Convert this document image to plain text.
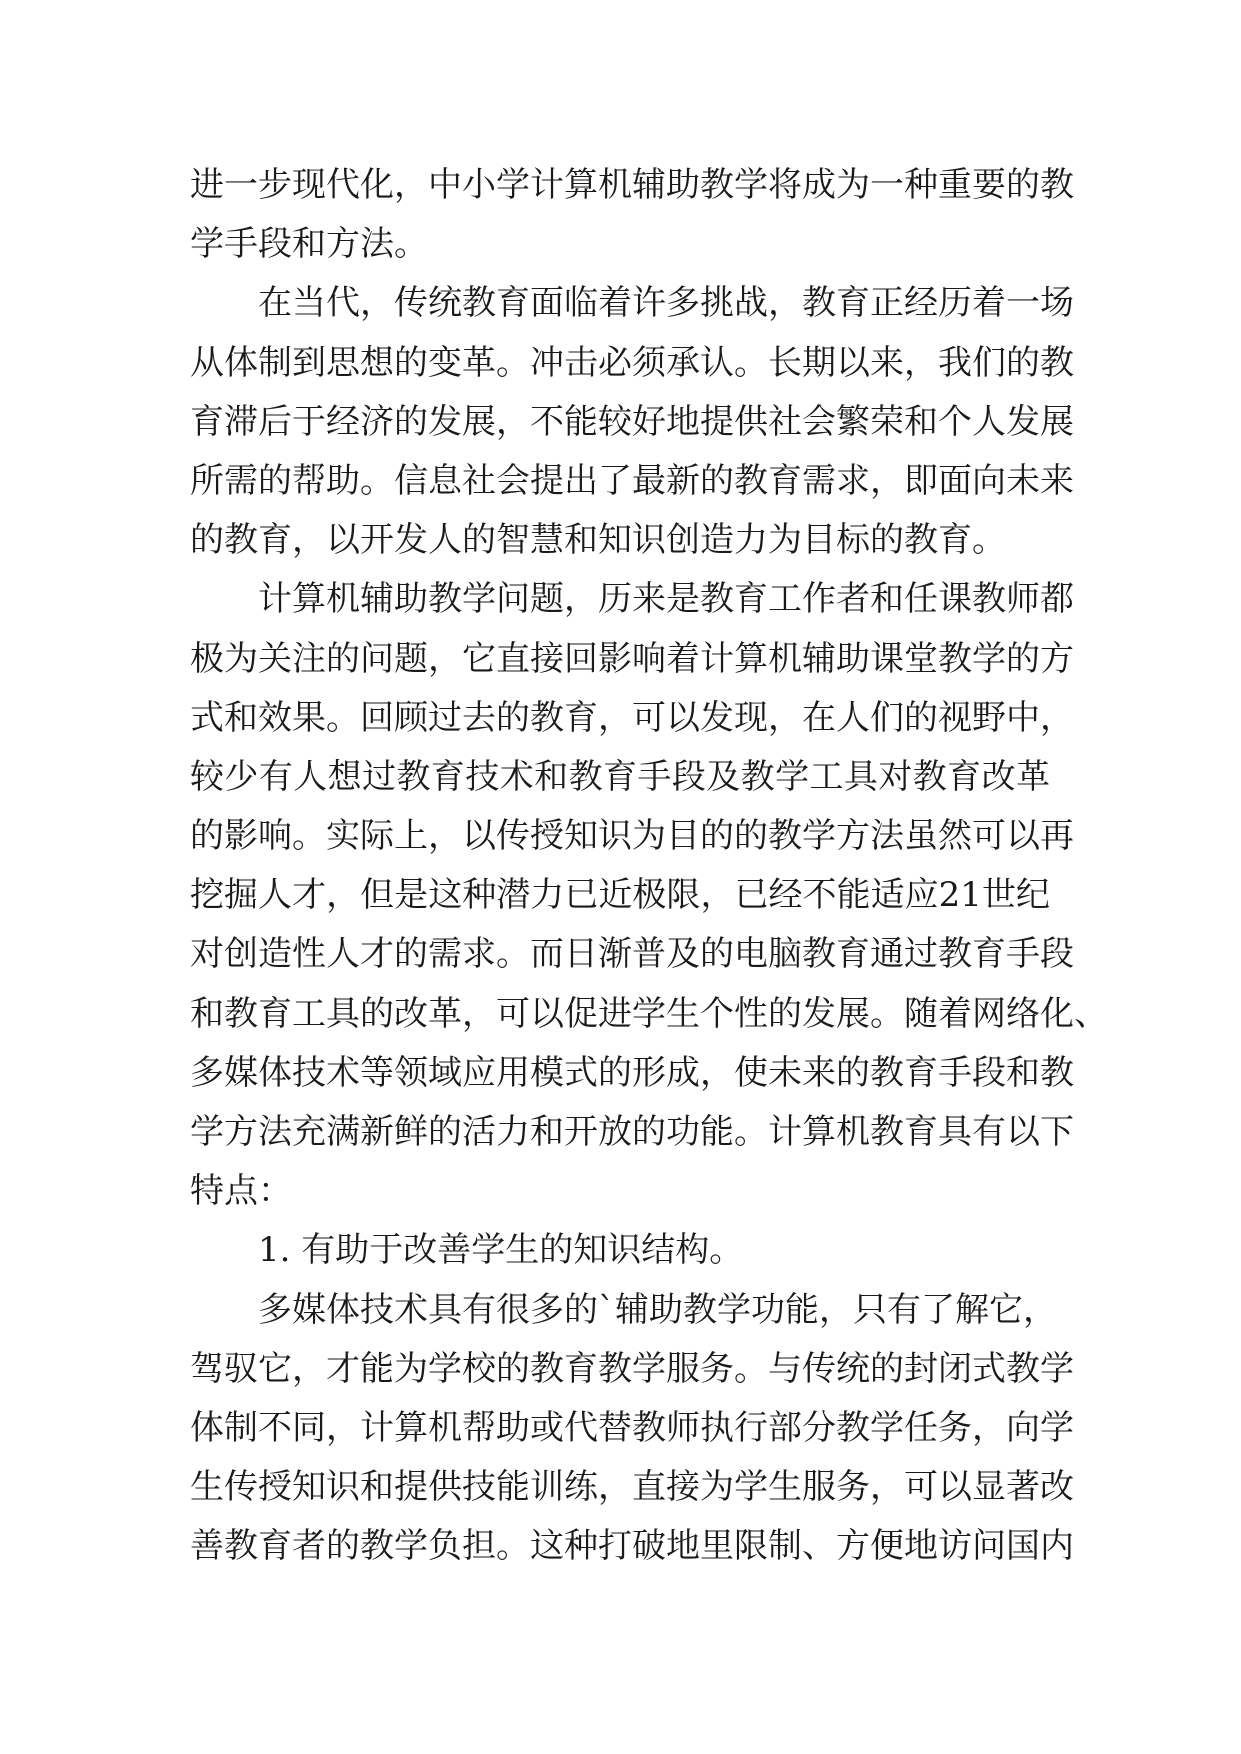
进一步现代化，中小学计算机辅助教学将成为一种重要的教
学手段和方法。
在当代，传统教育面临着许多挑战，教育正经历着一场
从体制到思想的变革。冲击必须承认。长期以来，我们的教
育滞后于经济的发展，不能较好地提供社会繁荣和个人发展
所需的帮助。信息社会提出了最新的教育需求，即面向未来
的教育，以开发人的智慧和知识创造力为目标的教育。
计算机辅助教学问题，历来是教育工作者和任课教师都
极为关注的问题，它直接回影响着计算机辅助课堂教学的方
式和效果。回顾过去的教育，可以发现，在人们的视野中，
较少有人想过教育技术和教育手段及教学工具对教育改革
的影响。实际上，以传授知识为目的的教学方法虽然可以再
挖掘人才，但是这种潜力已近极限，已经不能适应21世纪
对创造性人才的需求。而日渐普及的电脑教育通过教育手段
和教育工具的改革，可以促进学生个性的发展。随着网络化、
多媒体技术等领域应用模式的形成，使未来的教育手段和教
学方法充满新鲜的活力和开放的功能。计算机教育具有以下
特点：
1. 有助于改善学生的知识结构。
多媒体技术具有很多的`辅助教学功能，只有了解它，
驾驭它，才能为学校的教育教学服务。与传统的封闭式教学
体制不同，计算机帮助或代替教师执行部分教学任务，向学
生传授知识和提供技能训练，直接为学生服务，可以显著改
善教育者的教学负担。这种打破地里限制、方便地访问国内
